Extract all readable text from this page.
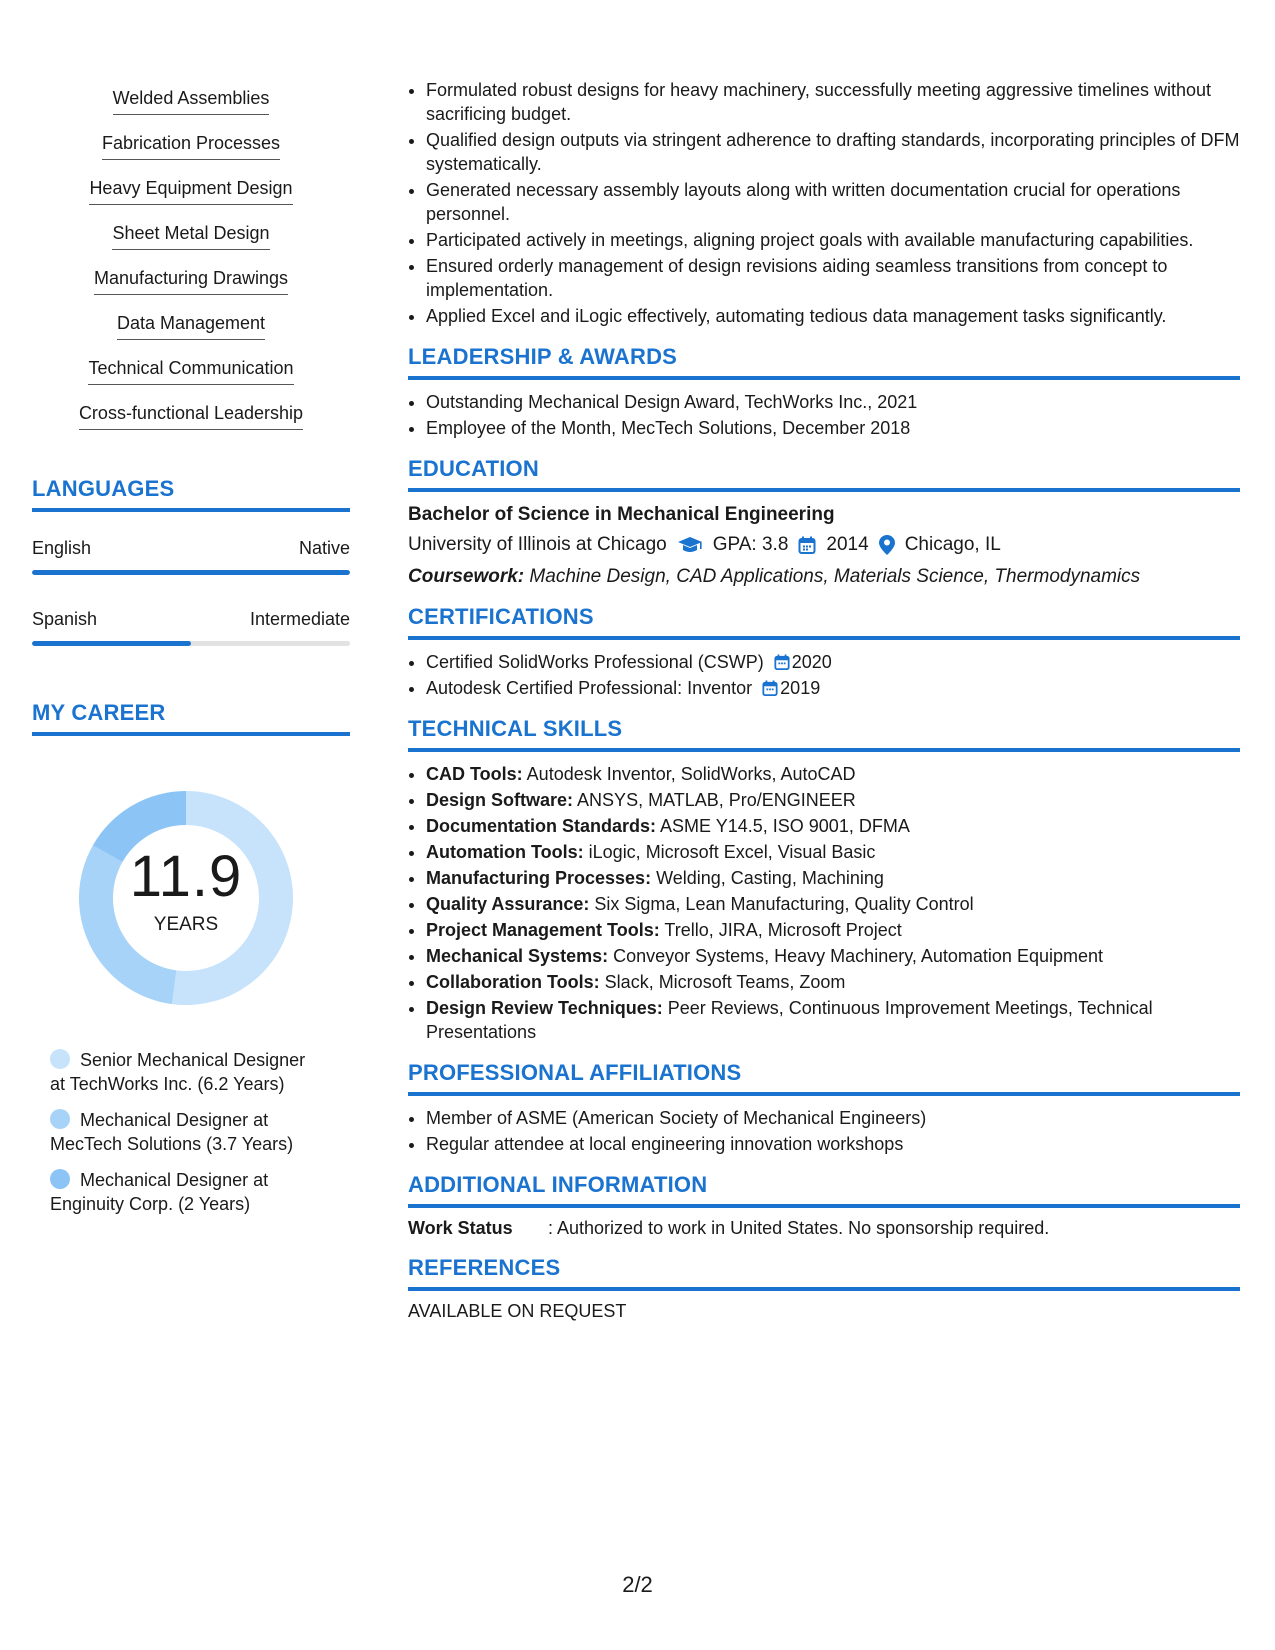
Welded Assemblies
Fabrication Processes
Heavy Equipment Design
Sheet Metal Design
Manufacturing Drawings
Data Management
Technical Communication
Cross-functional Leadership
LANGUAGES
English	Native
Spanish	Intermediate
MY CAREER
11.9
YEARS
Senior Mechanical Designer at TechWorks Inc. (6.2 Years)
Mechanical Designer at MecTech Solutions (3.7 Years)
Mechanical Designer at Enginuity Corp. (2 Years)
• Formulated robust designs for heavy machinery, successfully meeting aggressive timelines without sacrificing budget.
• Qualified design outputs via stringent adherence to drafting standards, incorporating principles of DFM systematically.
• Generated necessary assembly layouts along with written documentation crucial for operations personnel.
• Participated actively in meetings, aligning project goals with available manufacturing capabilities.
• Ensured orderly management of design revisions aiding seamless transitions from concept to implementation.
• Applied Excel and iLogic effectively, automating tedious data management tasks significantly.
LEADERSHIP & AWARDS
• Outstanding Mechanical Design Award, TechWorks Inc., 2021
• Employee of the Month, MecTech Solutions, December 2018
EDUCATION
Bachelor of Science in Mechanical Engineering
University of Illinois at Chicago GPA: 3.8 2014 Chicago, IL
Coursework: Machine Design, CAD Applications, Materials Science, Thermodynamics
CERTIFICATIONS
• Certified SolidWorks Professional (CSWP) 2020
• Autodesk Certified Professional: Inventor 2019
TECHNICAL SKILLS
• CAD Tools: Autodesk Inventor, SolidWorks, AutoCAD
• Design Software: ANSYS, MATLAB, Pro/ENGINEER
• Documentation Standards: ASME Y14.5, ISO 9001, DFMA
• Automation Tools: iLogic, Microsoft Excel, Visual Basic
• Manufacturing Processes: Welding, Casting, Machining
• Quality Assurance: Six Sigma, Lean Manufacturing, Quality Control
• Project Management Tools: Trello, JIRA, Microsoft Project
• Mechanical Systems: Conveyor Systems, Heavy Machinery, Automation Equipment
• Collaboration Tools: Slack, Microsoft Teams, Zoom
• Design Review Techniques: Peer Reviews, Continuous Improvement Meetings, Technical Presentations
PROFESSIONAL AFFILIATIONS
• Member of ASME (American Society of Mechanical Engineers)
• Regular attendee at local engineering innovation workshops
ADDITIONAL INFORMATION
Work Status	: Authorized to work in United States. No sponsorship required.
REFERENCES
AVAILABLE ON REQUEST
2/2
